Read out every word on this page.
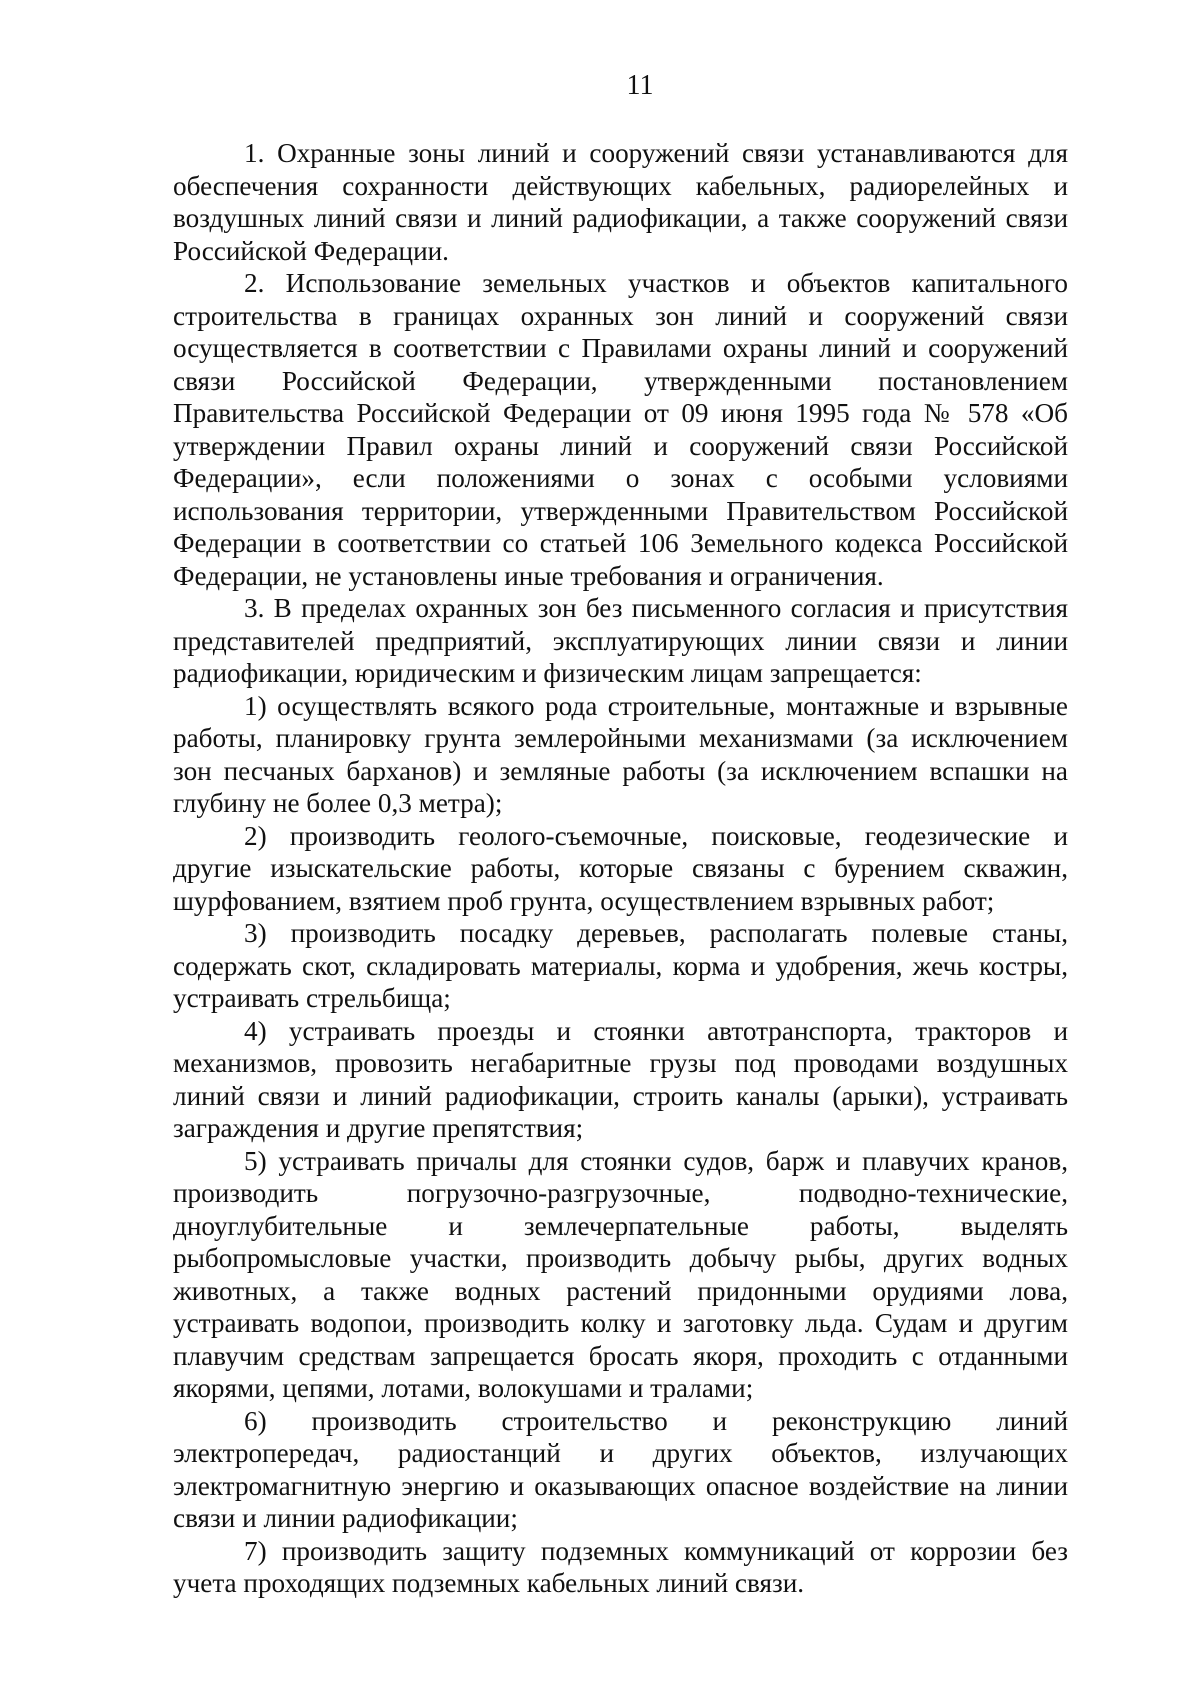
11

1. Охранные зоны линий и сооружений связи устанавливаются для обеспечения сохранности действующих кабельных, радиорелейных и воздушных линий связи и линий радиофикации, а также сооружений связи Российской Федерации.

2. Использование земельных участков и объектов капитального строительства в границах охранных зон линий и сооружений связи осуществляется в соответствии с Правилами охраны линий и сооружений связи Российской Федерации, утвержденными постановлением Правительства Российской Федерации от 09 июня 1995 года № 578 «Об утверждении Правил охраны линий и сооружений связи Российской Федерации», если положениями о зонах с особыми условиями использования территории, утвержденными Правительством Российской Федерации в соответствии со статьей 106 Земельного кодекса Российской Федерации, не установлены иные требования и ограничения.

3. В пределах охранных зон без письменного согласия и присутствия представителей предприятий, эксплуатирующих линии связи и линии радиофикации, юридическим и физическим лицам запрещается:

1) осуществлять всякого рода строительные, монтажные и взрывные работы, планировку грунта землеройными механизмами (за исключением зон песчаных барханов) и земляные работы (за исключением вспашки на глубину не более 0,3 метра);

2) производить геолого-съемочные, поисковые, геодезические и другие изыскательские работы, которые связаны с бурением скважин, шурфованием, взятием проб грунта, осуществлением взрывных работ;

3) производить посадку деревьев, располагать полевые станы, содержать скот, складировать материалы, корма и удобрения, жечь костры, устраивать стрельбища;

4) устраивать проезды и стоянки автотранспорта, тракторов и механизмов, провозить негабаритные грузы под проводами воздушных линий связи и линий радиофикации, строить каналы (арыки), устраивать заграждения и другие препятствия;

5) устраивать причалы для стоянки судов, барж и плавучих кранов, производить погрузочно-разгрузочные, подводно-технические, дноуглубительные и землечерпательные работы, выделять рыбопромысловые участки, производить добычу рыбы, других водных животных, а также водных растений придонными орудиями лова, устраивать водопои, производить колку и заготовку льда. Судам и другим плавучим средствам запрещается бросать якоря, проходить с отданными якорями, цепями, лотами, волокушами и тралами;

6) производить строительство и реконструкцию линий электропередач, радиостанций и других объектов, излучающих электромагнитную энергию и оказывающих опасное воздействие на линии связи и линии радиофикации;

7) производить защиту подземных коммуникаций от коррозии без учета проходящих подземных кабельных линий связи.
